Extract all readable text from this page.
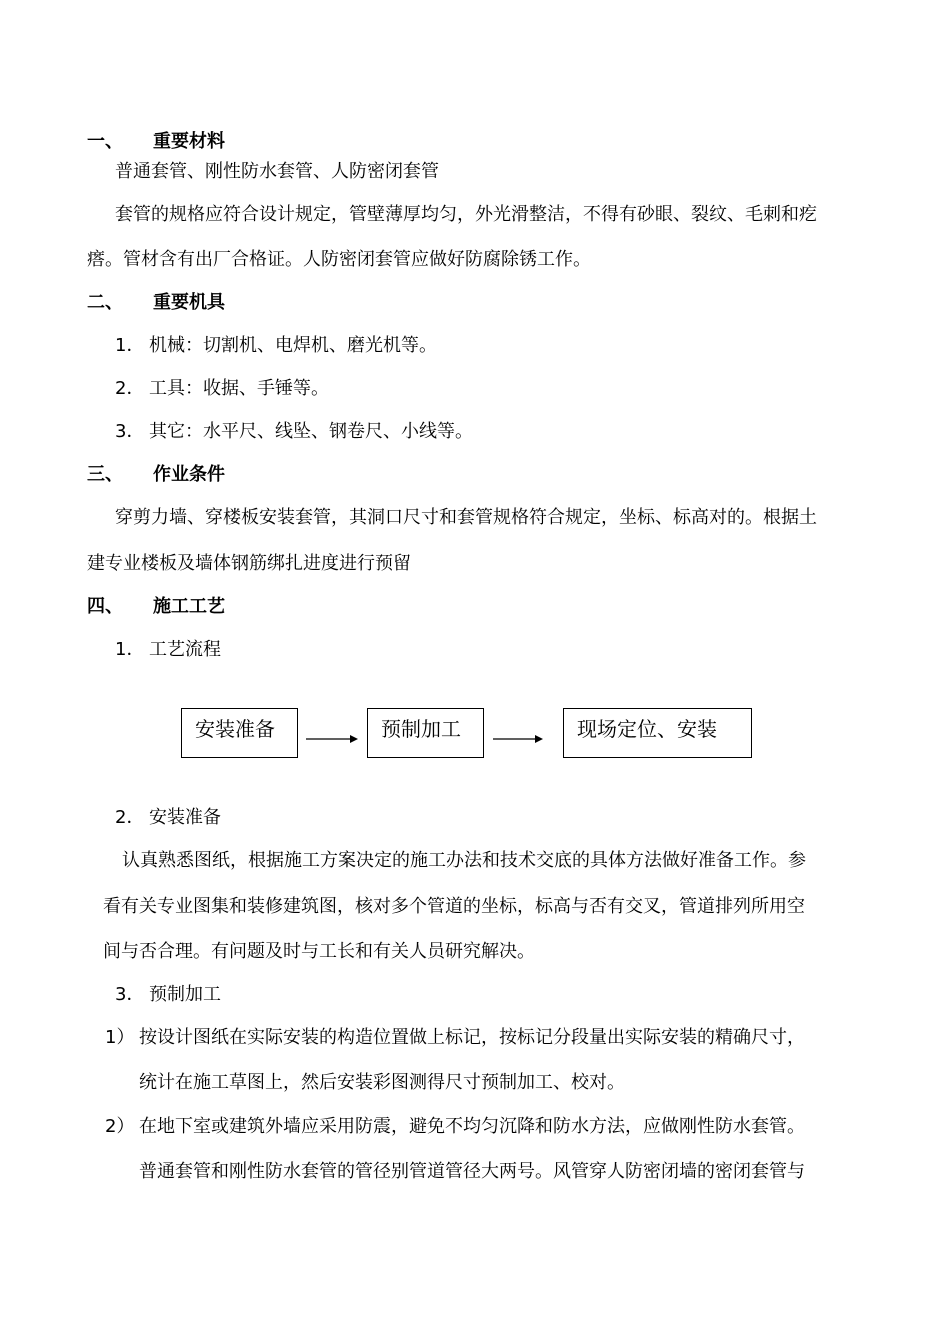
一、 重要材料
普通套管、刚性防水套管、人防密闭套管
套管的规格应符合设计规定，管壁薄厚均匀，外光滑整洁，不得有砂眼、裂纹、毛刺和疙
瘩。管材含有出厂合格证。人防密闭套管应做好防腐除锈工作。
二、 重要机具
1． 机械：切割机、电焊机、磨光机等。
2． 工具：收据、手锤等。
3． 其它：水平尺、线坠、钢卷尺、小线等。
三、 作业条件
穿剪力墙、穿楼板安装套管，其洞口尺寸和套管规格符合规定，坐标、标高对的。根据土
建专业楼板及墙体钢筋绑扎进度进行预留
四、 施工工艺
1． 工艺流程
安装准备	预制加工	现场定位、安装
2． 安装准备
认真熟悉图纸，根据施工方案决定的施工办法和技术交底的具体方法做好准备工作。参
看有关专业图集和装修建筑图，核对多个管道的坐标，标高与否有交叉，管道排列所用空
间与否合理。有问题及时与工长和有关人员研究解决。
3． 预制加工
1） 按设计图纸在实际安装的构造位置做上标记，按标记分段量出实际安装的精确尺寸，
统计在施工草图上，然后安装彩图测得尺寸预制加工、校对。
2） 在地下室或建筑外墙应采用防震，避免不均匀沉降和防水方法，应做刚性防水套管。
普通套管和刚性防水套管的管径别管道管径大两号。风管穿人防密闭墙的密闭套管与
